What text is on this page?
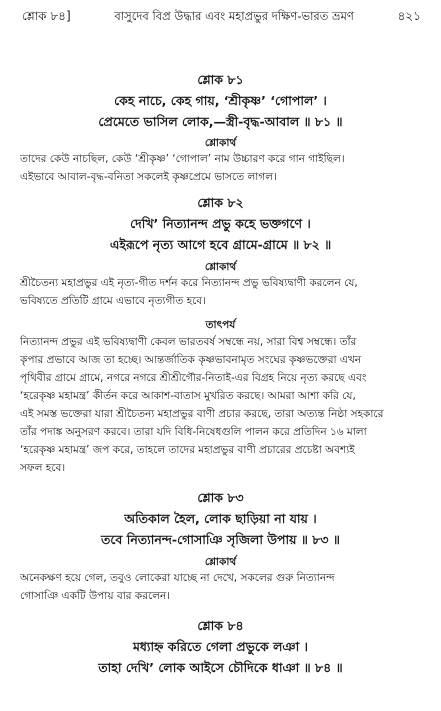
শ্লোক ৮৪]	বাসুদেব বিপ্র উদ্ধার এবং মহাপ্রভুর দক্ষিণ-ভারত ভ্রমণ	৪২১
শ্লোক ৮১
কেহ নাচে, কেহ গায়, ‘শ্রীকৃষ্ণ’ ‘গোপাল’ ।
প্রেমেতে ভাসিল লোক,—স্ত্রী-বৃদ্ধ-আবাল ॥ ৮১ ॥
শ্লোকার্থ
তাদের কেউ নাচছিল, কেউ ‘শ্রীকৃষ্ণ’ ‘গোপাল’ নাম উচ্চারণ করে গান গাইছিল।
এইভাবে আবাল-বৃদ্ধ-বনিতা সকলেই কৃষ্ণপ্রেমে ভাসতে লাগল।
শ্লোক ৮২
দেখি’ নিত্যানন্দ প্রভু কহে ভক্তগণে ।
এইরূপে নৃত্য আগে হবে গ্রামে-গ্রামে ॥ ৮২ ॥
শ্লোকার্থ
শ্রীচৈতন্য মহাপ্রভুর এই নৃত্য-গীত দর্শন করে নিত্যানন্দ প্রভু ভবিষ্যদ্বাণী করলেন যে,
ভবিষ্যতে প্রতিটি গ্রামে এভাবে নৃত্যগীত হবে।
তাৎপর্য
নিত্যানন্দ প্রভুর এই ভবিষ্যদ্বাণী কেবল ভারতবর্ষ সম্বন্ধে নয়, সারা বিশ্ব সম্বন্ধে। তাঁর
কৃপার প্রভাবে আজ তা হচ্ছে। আন্তর্জাতিক কৃষ্ণভাবনামৃত সংঘের কৃষ্ণভক্তেরা এখন
পৃথিবীর গ্রামে গ্রামে, নগরে নগরে শ্রীশ্রীগৌর-নিতাই-এর বিগ্রহ নিয়ে নৃত্য করছে এবং
‘হরেকৃষ্ণ মহামন্ত্র’ কীর্তন করে আকাশ-বাতাস মুখরিত করছে। আমরা আশা করি যে,
এই সমস্ত ভক্তেরা যারা শ্রীচৈতন্য মহাপ্রভুর বাণী প্রচার করছে, তারা অত্যন্ত নিষ্ঠা সহকারে
তাঁর পদাঙ্ক অনুসরণ করবে। তারা যদি বিধি-নিষেধগুলি পালন করে প্রতিদিন ১৬ মালা
‘হরেকৃষ্ণ মহামন্ত্র’ জপ করে, তাহলে তাদের মহাপ্রভুর বাণী প্রচারের প্রচেষ্টা অবশ্যই
সফল হবে।
শ্লোক ৮৩
অতিকাল হৈল, লোক ছাড়িয়া না যায় ।
তবে নিত্যানন্দ-গোসাঞি সৃজিলা উপায় ॥ ৮৩ ॥
শ্লোকার্থ
অনেকক্ষণ হয়ে গেল, তবুও লোকেরা যাচ্ছে না দেখে, সকলের গুরু নিত্যানন্দ
গোসাঞি একটি উপায় বার করলেন।
শ্লোক ৮৪
মধ্যাহ্ন করিতে গেলা প্রভুকে লঞা ।
তাহা দেখি’ লোক আইসে চৌদিকে ধাঞা ॥ ৮৪ ॥
